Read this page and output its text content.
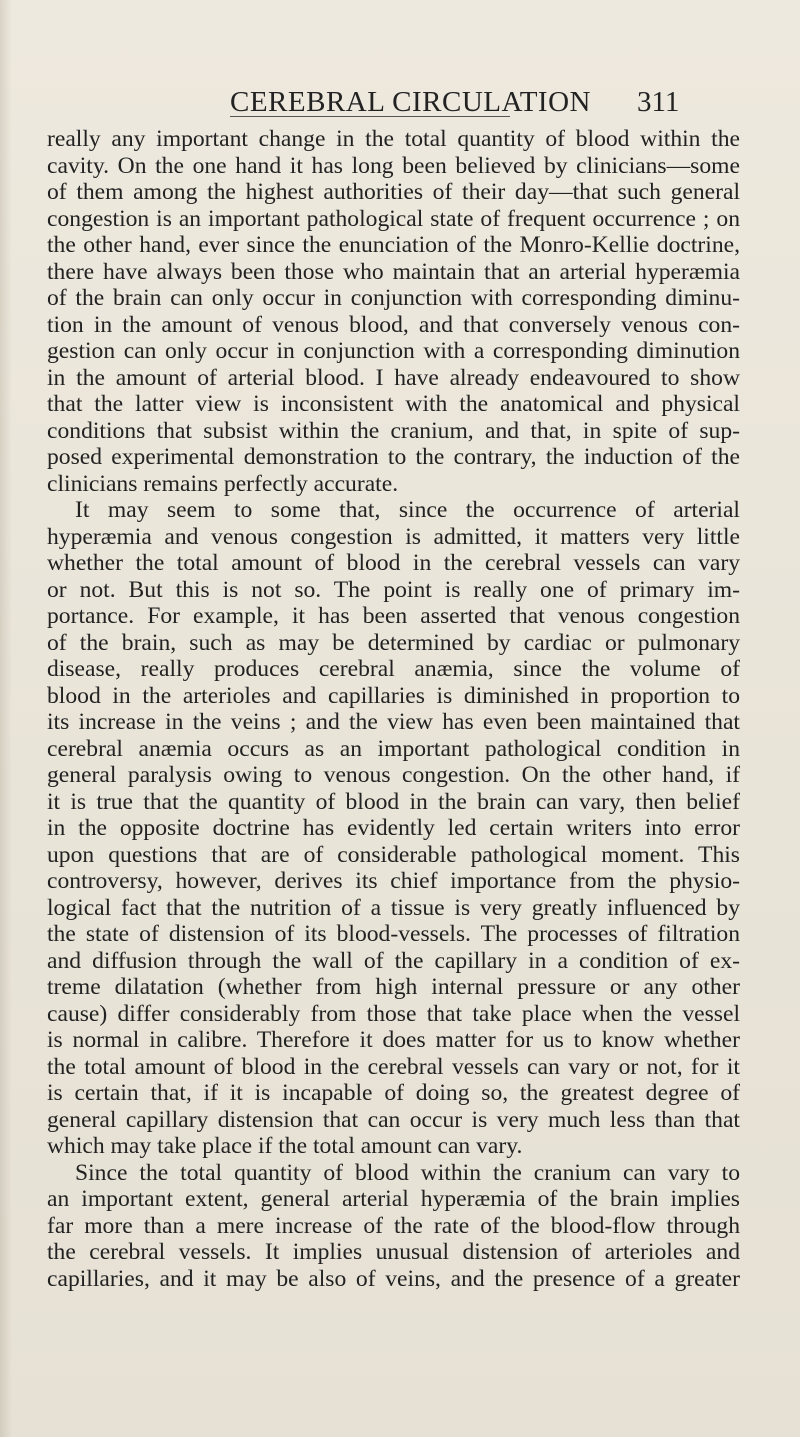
CEREBRAL CIRCULATION 311
really any important change in the total quantity of blood within the
cavity. On the one hand it has long been believed by clinicians—some
of them among the highest authorities of their day—that such general
congestion is an important pathological state of frequent occurrence ; on
the other hand, ever since the enunciation of the Monro-Kellie doctrine,
there have always been those who maintain that an arterial hyperæmia
of the brain can only occur in conjunction with corresponding diminu-
tion in the amount of venous blood, and that conversely venous con-
gestion can only occur in conjunction with a corresponding diminution
in the amount of arterial blood. I have already endeavoured to show
that the latter view is inconsistent with the anatomical and physical
conditions that subsist within the cranium, and that, in spite of sup-
posed experimental demonstration to the contrary, the induction of the
clinicians remains perfectly accurate.
It may seem to some that, since the occurrence of arterial
hyperæmia and venous congestion is admitted, it matters very little
whether the total amount of blood in the cerebral vessels can vary
or not. But this is not so. The point is really one of primary im-
portance. For example, it has been asserted that venous congestion
of the brain, such as may be determined by cardiac or pulmonary
disease, really produces cerebral anæmia, since the volume of
blood in the arterioles and capillaries is diminished in proportion to
its increase in the veins ; and the view has even been maintained that
cerebral anæmia occurs as an important pathological condition in
general paralysis owing to venous congestion. On the other hand, if
it is true that the quantity of blood in the brain can vary, then belief
in the opposite doctrine has evidently led certain writers into error
upon questions that are of considerable pathological moment. This
controversy, however, derives its chief importance from the physio-
logical fact that the nutrition of a tissue is very greatly influenced by
the state of distension of its blood-vessels. The processes of filtration
and diffusion through the wall of the capillary in a condition of ex-
treme dilatation (whether from high internal pressure or any other
cause) differ considerably from those that take place when the vessel
is normal in calibre. Therefore it does matter for us to know whether
the total amount of blood in the cerebral vessels can vary or not, for it
is certain that, if it is incapable of doing so, the greatest degree of
general capillary distension that can occur is very much less than that
which may take place if the total amount can vary.
Since the total quantity of blood within the cranium can vary to
an important extent, general arterial hyperæmia of the brain implies
far more than a mere increase of the rate of the blood-flow through
the cerebral vessels. It implies unusual distension of arterioles and
capillaries, and it may be also of veins, and the presence of a greater
